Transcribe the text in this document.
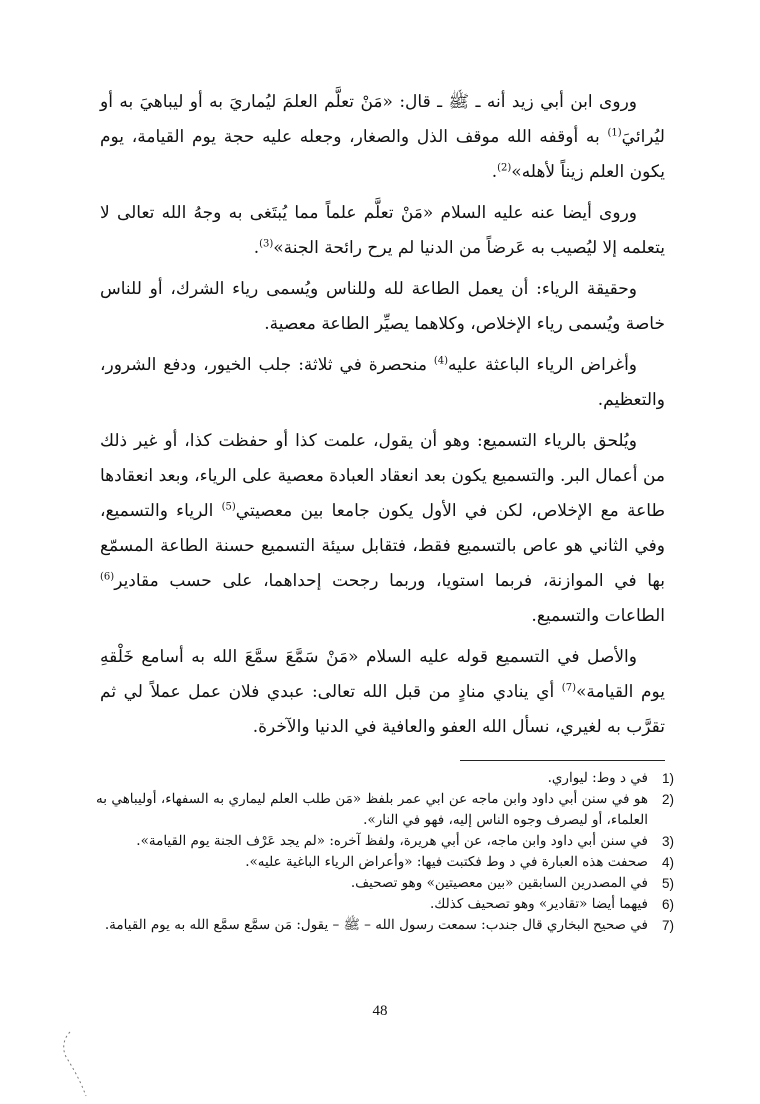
وروى ابن أبي زيد أنه ـ ﷺ ـ قال: «مَنْ تعلَّم العلمَ ليُماريَ به أو ليباهيَ به أو ليُرائيَ$^{(1)}$ به أوقفه الله موقف الذل والصغار، وجعله عليه حجة يوم القيامة، يوم يكون العلم زيناً لأهله»$^{(2)}$.

وروى أيضا عنه عليه السلام «مَنْ تعلَّم علماً مما يُبتَغى به وجهُ الله تعالى لا يتعلمه إلا ليُصيب به عَرضاً من الدنيا لم يرح رائحة الجنة»$^{(3)}$.

وحقيقة الرياء: أن يعمل الطاعة لله وللناس ويُسمى رياء الشرك، أو للناس خاصة ويُسمى رياء الإخلاص، وكلاهما يصيِّر الطاعة معصية.

وأغراض الرياء الباعثة عليه$^{(4)}$ منحصرة في ثلاثة: جلب الخيور، ودفع الشرور، والتعظيم.

ويُلحق بالرياء التسميع: وهو أن يقول، علمت كذا أو حفظت كذا، أو غير ذلك من أعمال البر. والتسميع يكون بعد انعقاد العبادة معصية على الرياء، وبعد انعقادها طاعة مع الإخلاص، لكن في الأول يكون جامعا بين معصيتي$^{(5)}$ الرياء والتسميع، وفي الثاني هو عاص بالتسميع فقط، فتقابل سيئة التسميع حسنة الطاعة المسمّع بها في الموازنة، فربما استويا، وربما رجحت إحداهما، على حسب مقادير$^{(6)}$ الطاعات والتسميع.

والأصل في التسميع قوله عليه السلام «مَنْ سَمَّعَ سمَّعَ الله به أسامع خَلْقهِ يوم القيامة»$^{(7)}$ أي ينادي منادٍ من قبل الله تعالى: عبدي فلان عمل عملاً لي ثم تقرَّب به لغيري، نسأل الله العفو والعافية في الدنيا والآخرة.

1)
في د وط: ليواري.
2)
هو في سنن أبي داود وابن ماجه عن ابي عمر بلفظ «مَن طلب العلم ليماري به السفهاء، أوليباهي به العلماء، أو ليصرف وجوه الناس إليه، فهو في النار».
3)
في سنن أبي داود وابن ماجه، عن أبي هريرة، ولفظ آخره: «لم يجد عَرْف الجنة يوم القيامة».
4)
صحفت هذه العبارة في د وط فكتبت فيها: «وأعراض الرياء الباغية عليه».
5)
في المصدرين السابقين «بين معصيتين» وهو تصحيف.
6)
فيهما أيضا «تقادير» وهو تصحيف كذلك.
7)
في صحيح البخاري قال جندب: سمعت رسول الله – ﷺ – يقول: مَن سمَّع سمَّع الله به يوم القيامة.
48
